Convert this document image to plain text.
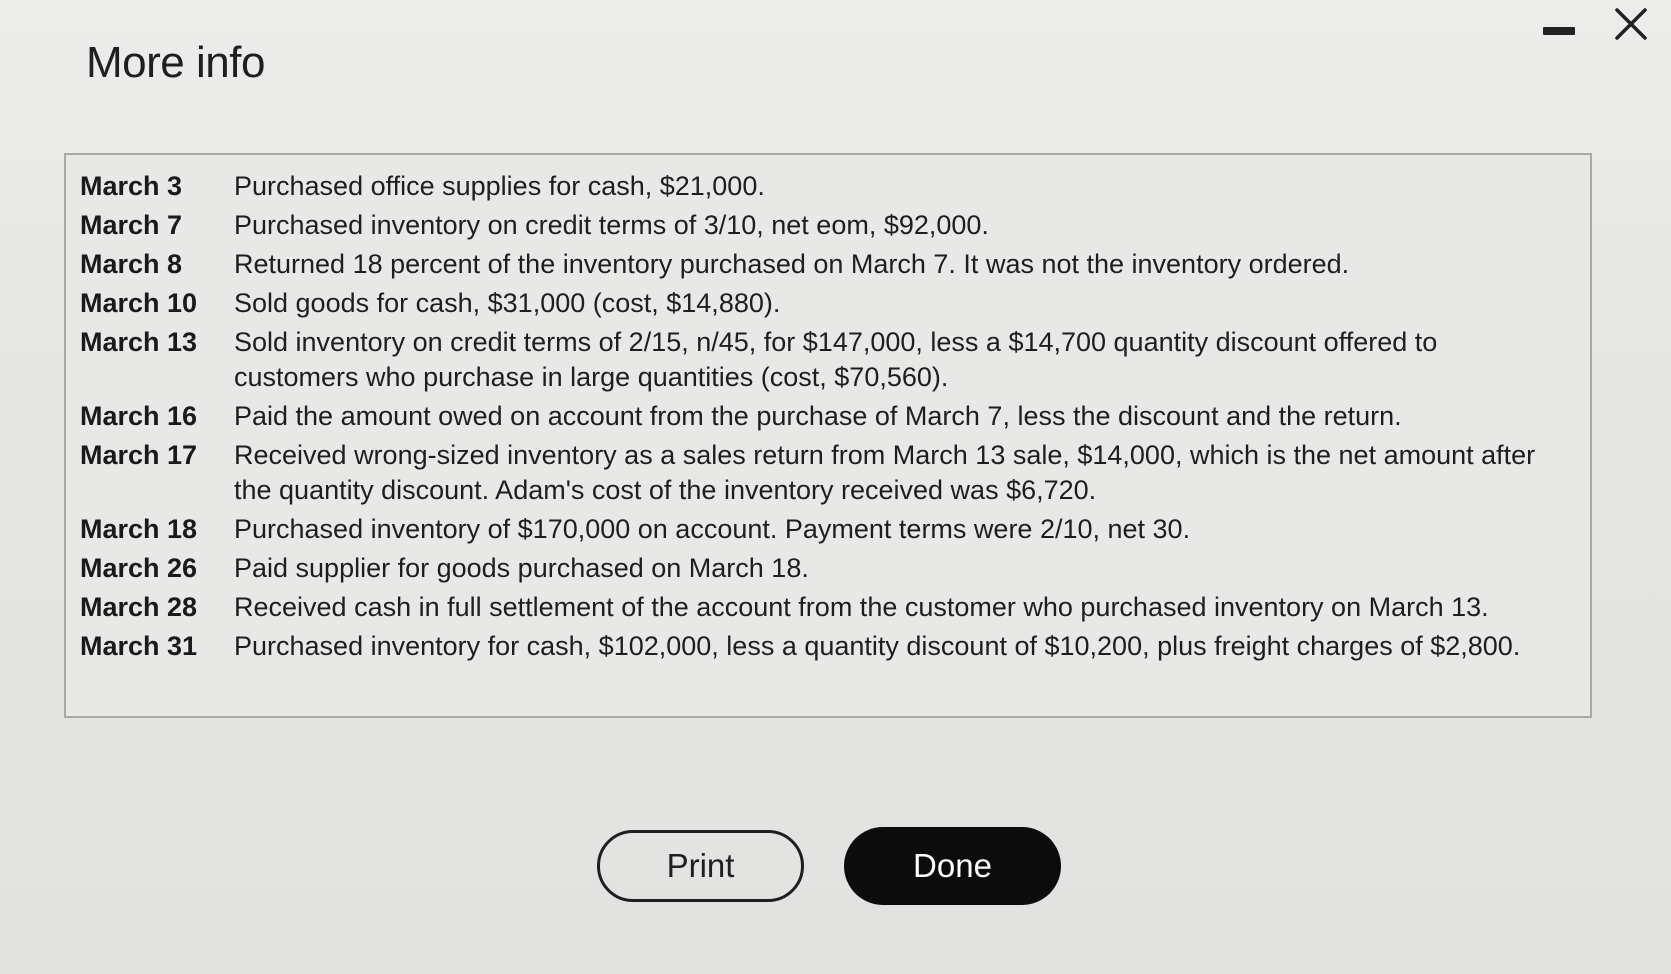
More info
March 3	Purchased office supplies for cash, $21,000.
March 7	Purchased inventory on credit terms of 3/10, net eom, $92,000.
March 8	Returned 18 percent of the inventory purchased on March 7. It was not the inventory ordered.
March 10	Sold goods for cash, $31,000 (cost, $14,880).
March 13	Sold inventory on credit terms of 2/15, n/45, for $147,000, less a $14,700 quantity discount offered to customers who purchase in large quantities (cost, $70,560).
March 16	Paid the amount owed on account from the purchase of March 7, less the discount and the return.
March 17	Received wrong-sized inventory as a sales return from March 13 sale, $14,000, which is the net amount after the quantity discount. Adam's cost of the inventory received was $6,720.
March 18	Purchased inventory of $170,000 on account. Payment terms were 2/10, net 30.
March 26	Paid supplier for goods purchased on March 18.
March 28	Received cash in full settlement of the account from the customer who purchased inventory on March 13.
March 31	Purchased inventory for cash, $102,000, less a quantity discount of $10,200, plus freight charges of $2,800.
Print	Done
